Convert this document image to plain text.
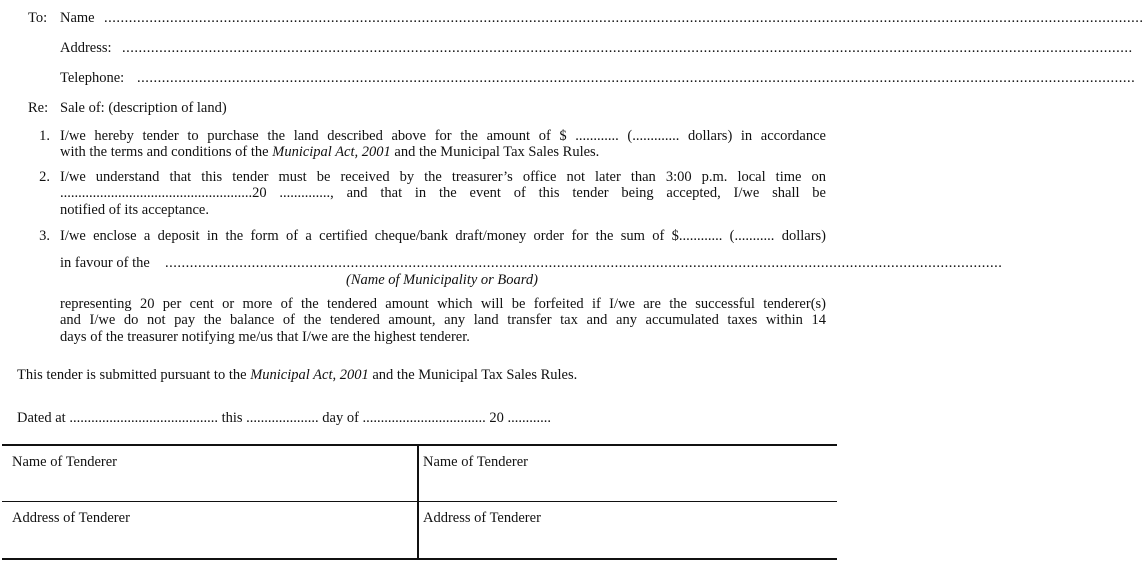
To: Name ............................................................................................................................................................................................................................................................
Address: .....................................................................................................................................................................................................................................................
Telephone: ..................................................................................................................................................................................................................................................
Re: Sale of: (description of land)
1. I/we hereby tender to purchase the land described above for the amount of $ ............ (............. dollars) in accordance
with the terms and conditions of the Municipal Act, 2001 and the Municipal Tax Sales Rules.
2. I/we understand that this tender must be received by the treasurer’s office not later than 3:00 p.m. local time on
.....................................................20 .............., and that in the event of this tender being accepted, I/we shall be
notified of its acceptance.
3. I/we enclose a deposit in the form of a certified cheque/bank draft/money order for the sum of $............ (........... dollars)
in favour of the ...........................................................................................................................................................................................................
(Name of Municipality or Board)
representing 20 per cent or more of the tendered amount which will be forfeited if I/we are the successful tenderer(s)
and I/we do not pay the balance of the tendered amount, any land transfer tax and any accumulated taxes within 14
days of the treasurer notifying me/us that I/we are the highest tenderer.
This tender is submitted pursuant to the Municipal Act, 2001 and the Municipal Tax Sales Rules.
Dated at ......................................... this .................... day of .................................. 20 ............
Name of Tenderer	Name of Tenderer
Address of Tenderer	Address of Tenderer
